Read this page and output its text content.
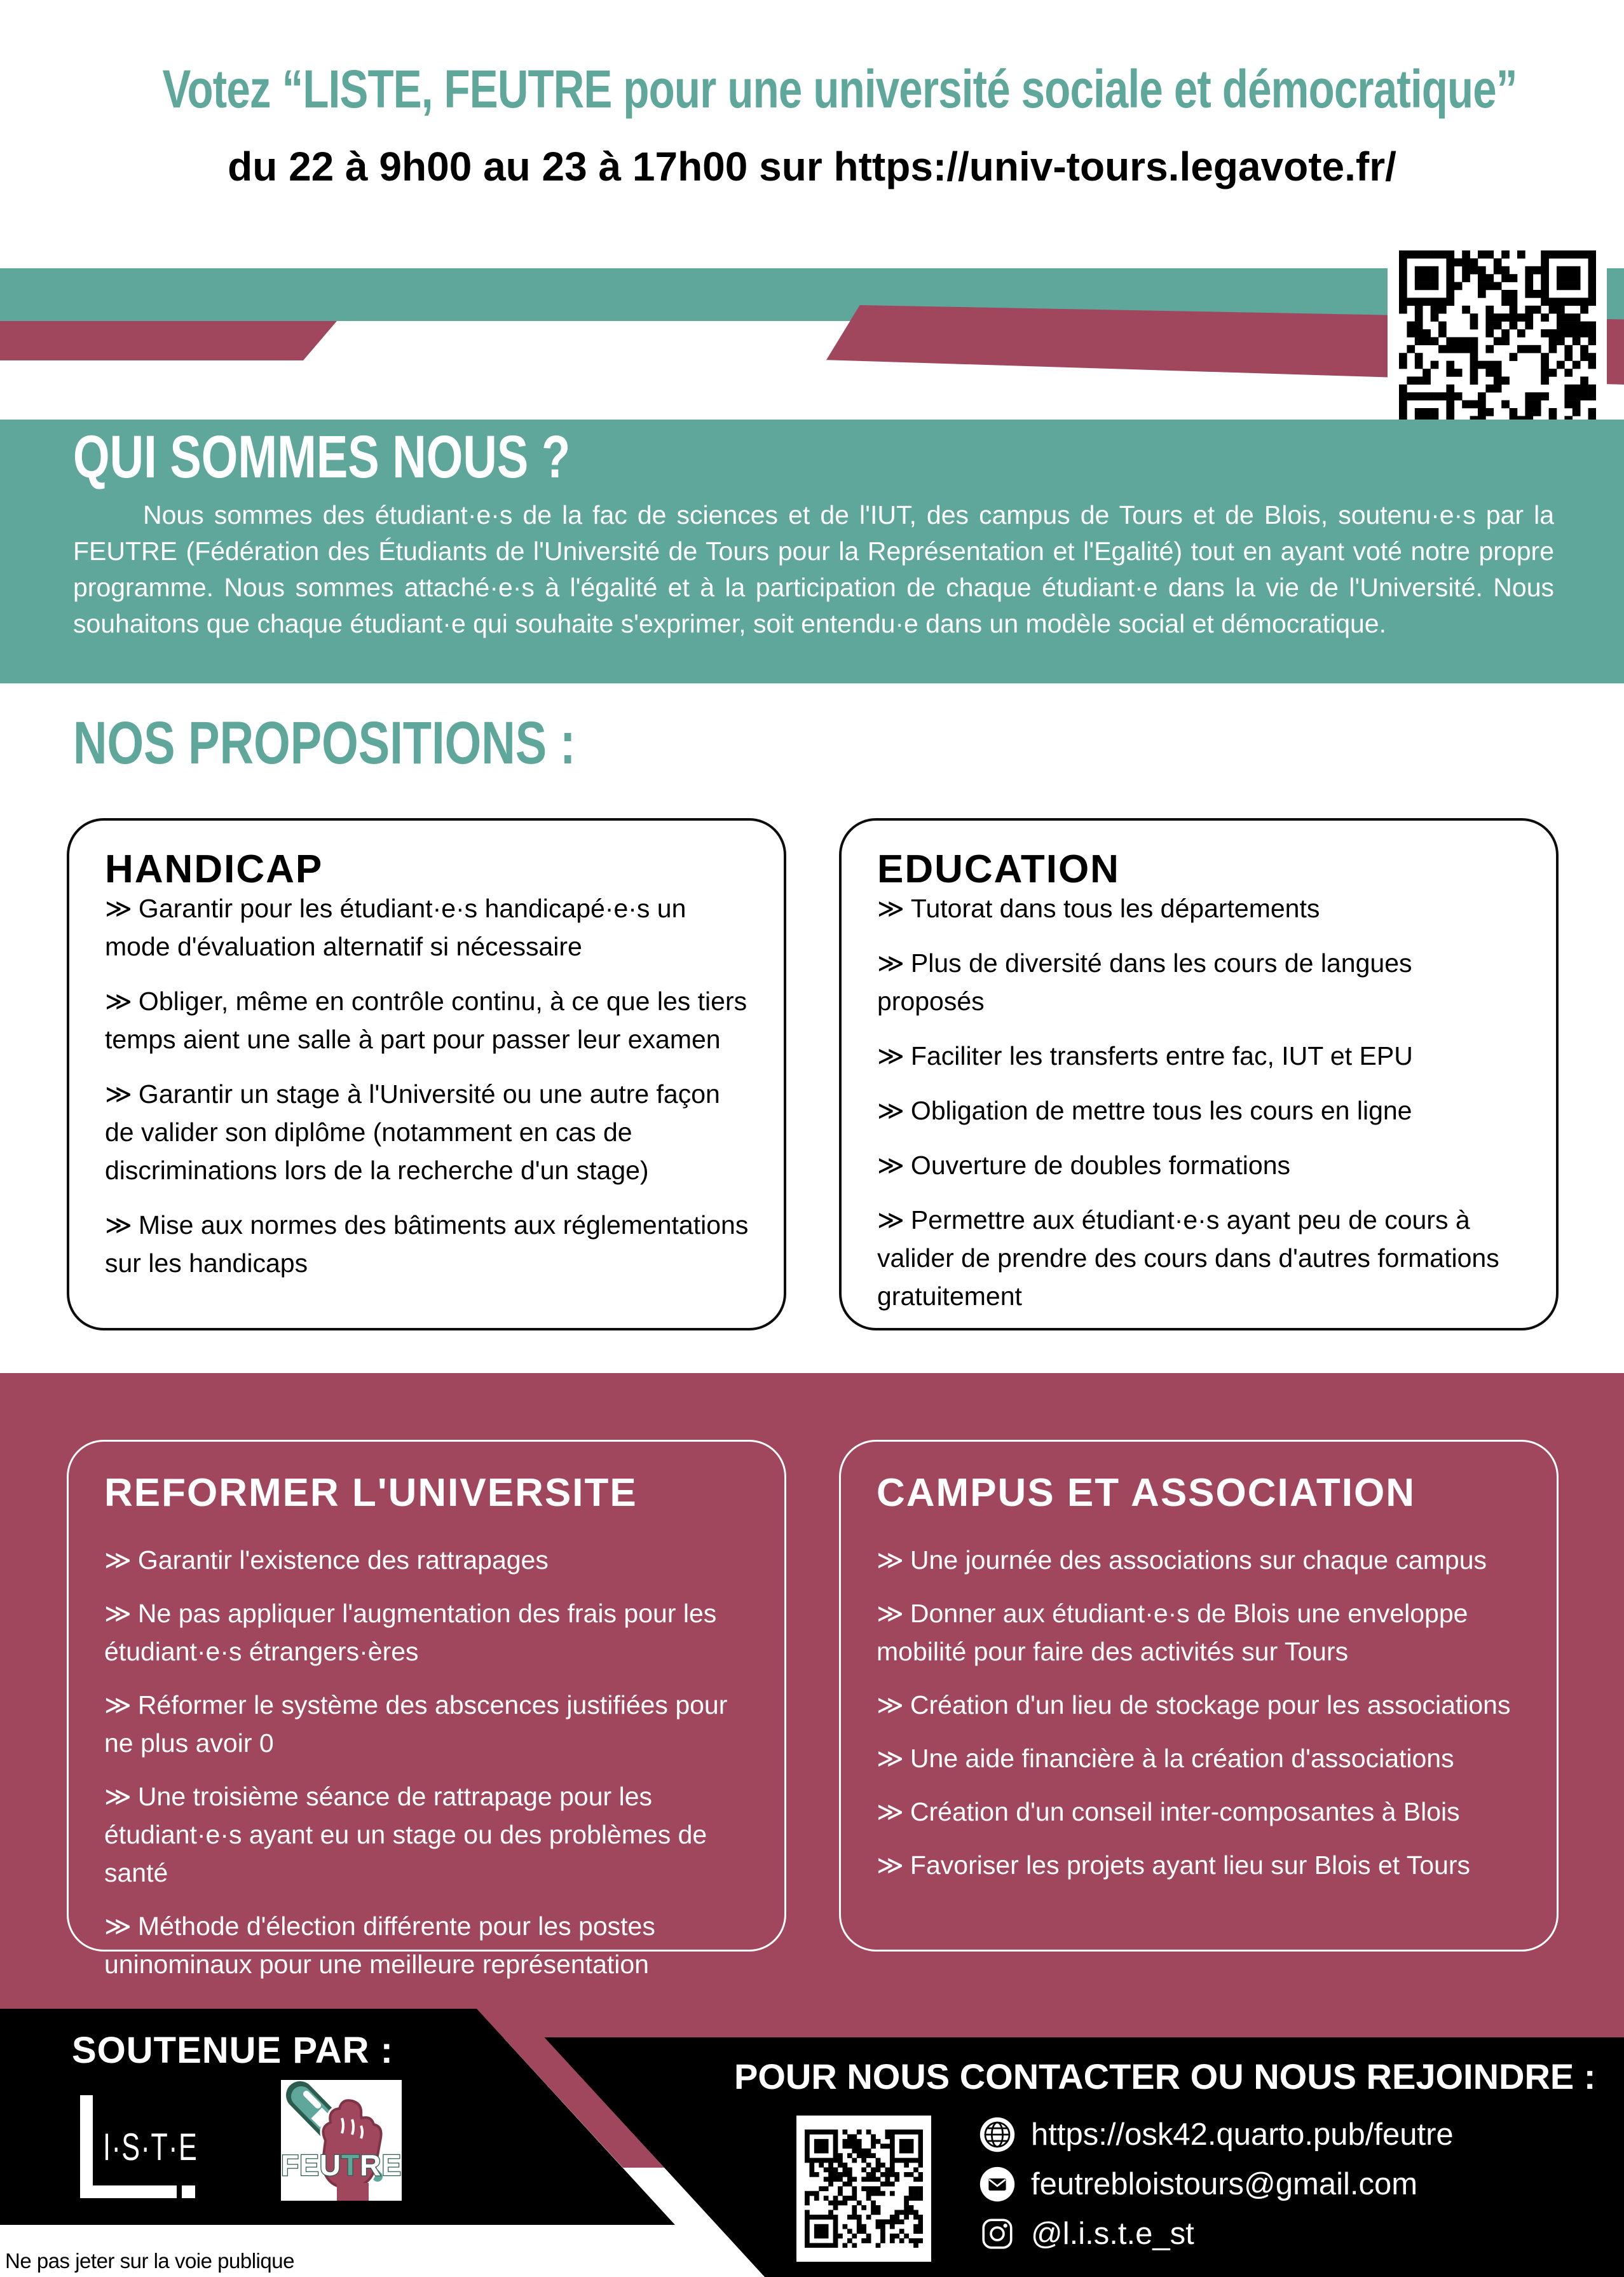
Votez “LISTE, FEUTRE pour une université sociale et démocratique”
du 22 à 9h00 au 23 à 17h00 sur https://univ-tours.legavote.fr/
QUI SOMMES NOUS ?
Nous sommes des étudiant·e·s de la fac de sciences et de l'IUT, des campus de Tours et de Blois, soutenu·e·s par la FEUTRE (Fédération des Étudiants de l'Université de Tours pour la Représentation et l'Egalité) tout en ayant voté notre propre programme. Nous sommes attaché·e·s à l'égalité et à la participation de chaque étudiant·e dans la vie de l'Université. Nous souhaitons que chaque étudiant·e qui souhaite s'exprimer, soit entendu·e dans un modèle social et démocratique.
NOS PROPOSITIONS :
HANDICAP
≫ Garantir pour les étudiant·e·s handicapé·e·s un mode d'évaluation alternatif si nécessaire
≫ Obliger, même en contrôle continu, à ce que les tiers temps aient une salle à part pour passer leur examen
≫ Garantir un stage à l'Université ou une autre façon de valider son diplôme (notamment en cas de discriminations lors de la recherche d'un stage)
≫ Mise aux normes des bâtiments aux réglementations sur les handicaps
EDUCATION
≫ Tutorat dans tous les départements
≫ Plus de diversité dans les cours de langues proposés
≫ Faciliter les transferts entre fac, IUT et EPU
≫ Obligation de mettre tous les cours en ligne
≫ Ouverture de doubles formations
≫ Permettre aux étudiant·e·s ayant peu de cours à valider de prendre des cours dans d'autres formations gratuitement
REFORMER L'UNIVERSITE
≫ Garantir l'existence des rattrapages
≫ Ne pas appliquer l'augmentation des frais pour les étudiant·e·s étrangers·ères
≫ Réformer le système des abscences justifiées pour ne plus avoir 0
≫ Une troisième séance de rattrapage pour les étudiant·e·s ayant eu un stage ou des problèmes de santé
≫ Méthode d'élection différente pour les postes uninominaux pour une meilleure représentation
CAMPUS ET ASSOCIATION
≫ Une journée des associations sur chaque campus
≫ Donner aux étudiant·e·s de Blois une enveloppe mobilité pour faire des activités sur Tours
≫ Création d'un lieu de stockage pour les associations
≫ Une aide financière à la création d'associations
≫ Création d'un conseil inter-composantes à Blois
≫ Favoriser les projets ayant lieu sur Blois et Tours
SOUTENUE PAR :
I·S·T·E	FEUTRE
Ne pas jeter sur la voie publique
POUR NOUS CONTACTER OU NOUS REJOINDRE :
https://osk42.quarto.pub/feutre
feutrebloistours@gmail.com
@l.i.s.t.e_st
